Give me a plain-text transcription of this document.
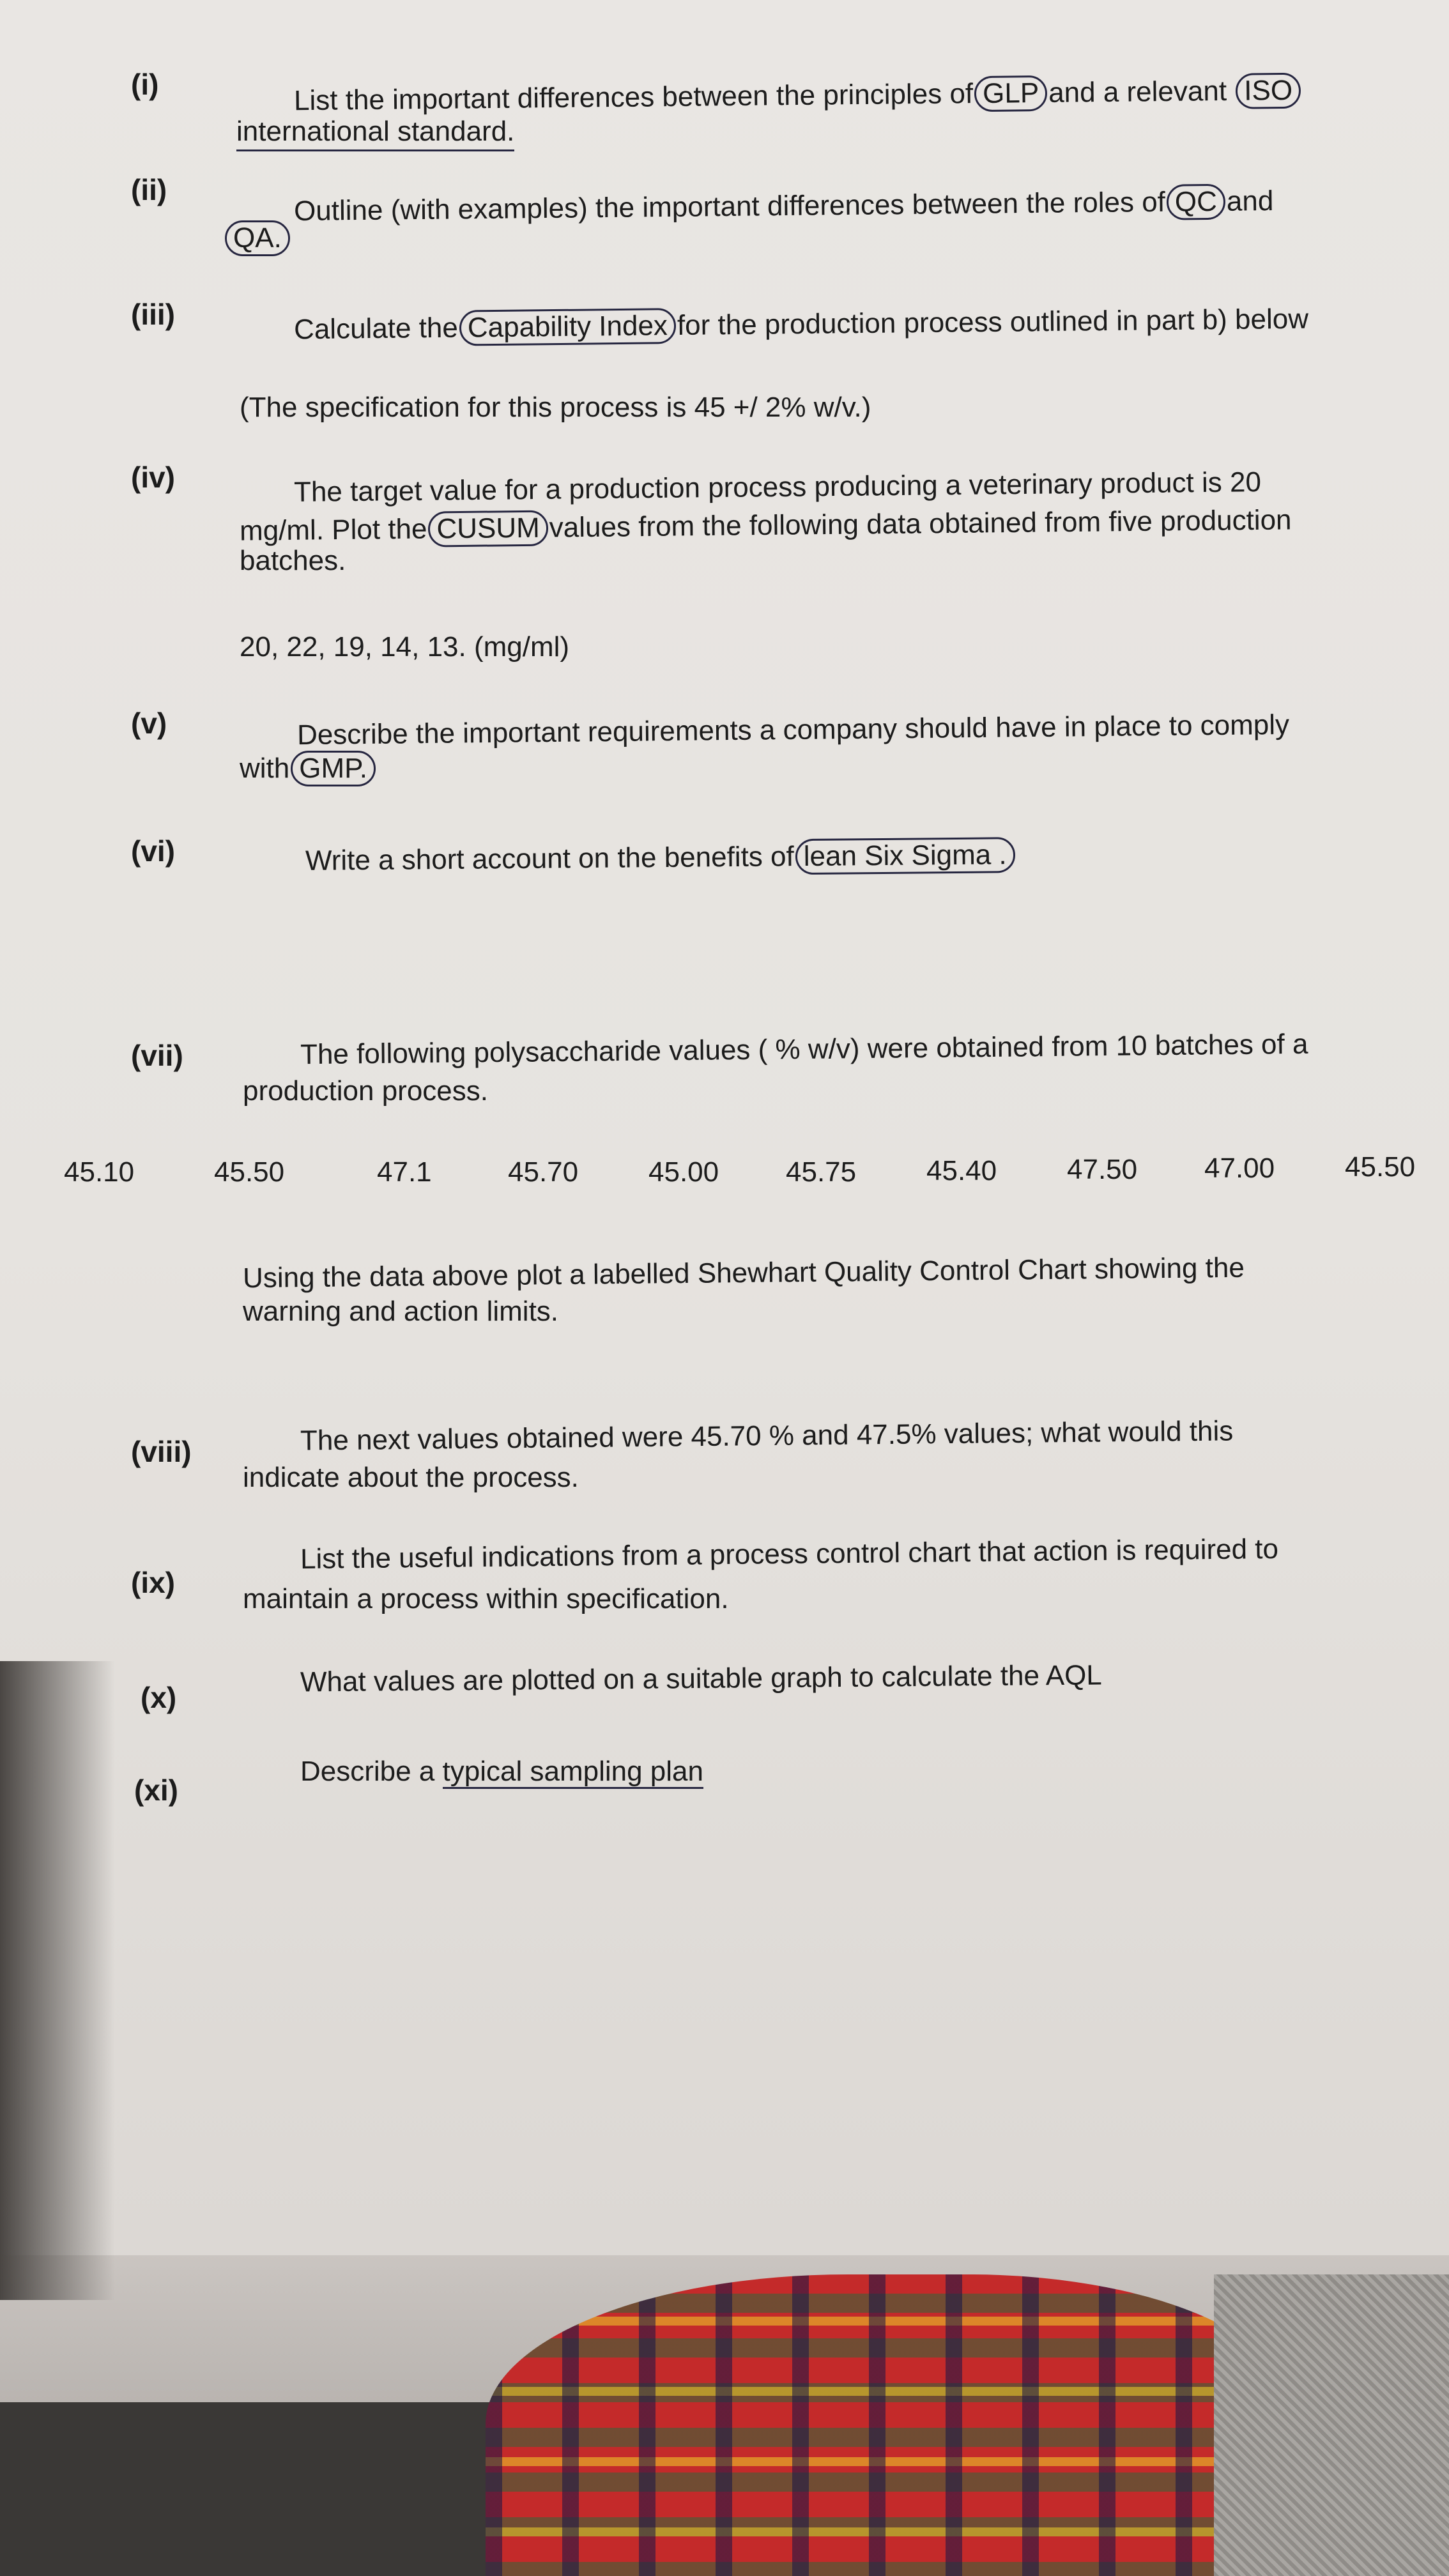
(i)	List the important differences between the principles of GLP and a relevant ISO
international standard.
(ii)	Outline (with examples) the important differences between the roles of QC and
QA.
(iii)	Calculate the Capability Index for the production process outlined in part b) below
(The specification for this process is 45 +/ 2% w/v.)
(iv)	The target value for a production process producing a veterinary product is 20
mg/ml. Plot the CUSUM values from the following data obtained from five production
batches.
20, 22, 19, 14, 13. (mg/ml)
(v)	Describe the important requirements a company should have in place to comply
with GMP.
(vi)	Write a short account on the benefits of lean Six Sigma .
(vii)	The following polysaccharide values ( % w/v) were obtained from 10 batches of a
production process.
45.10	45.50	47.1	45.70 45.00 45.75 45.40 47.50 47.00 45.50
Using the data above plot a labelled Shewhart Quality Control Chart showing the
warning and action limits.
(viii)	The next values obtained were 45.70 % and 47.5% values; what would this
indicate about the process.
(ix)
List the useful indications from a process control chart that action is required to
maintain a process within specification.
(x)	What values are plotted on a suitable graph to calculate the AQL
(xi)
Describe a typical sampling plan
